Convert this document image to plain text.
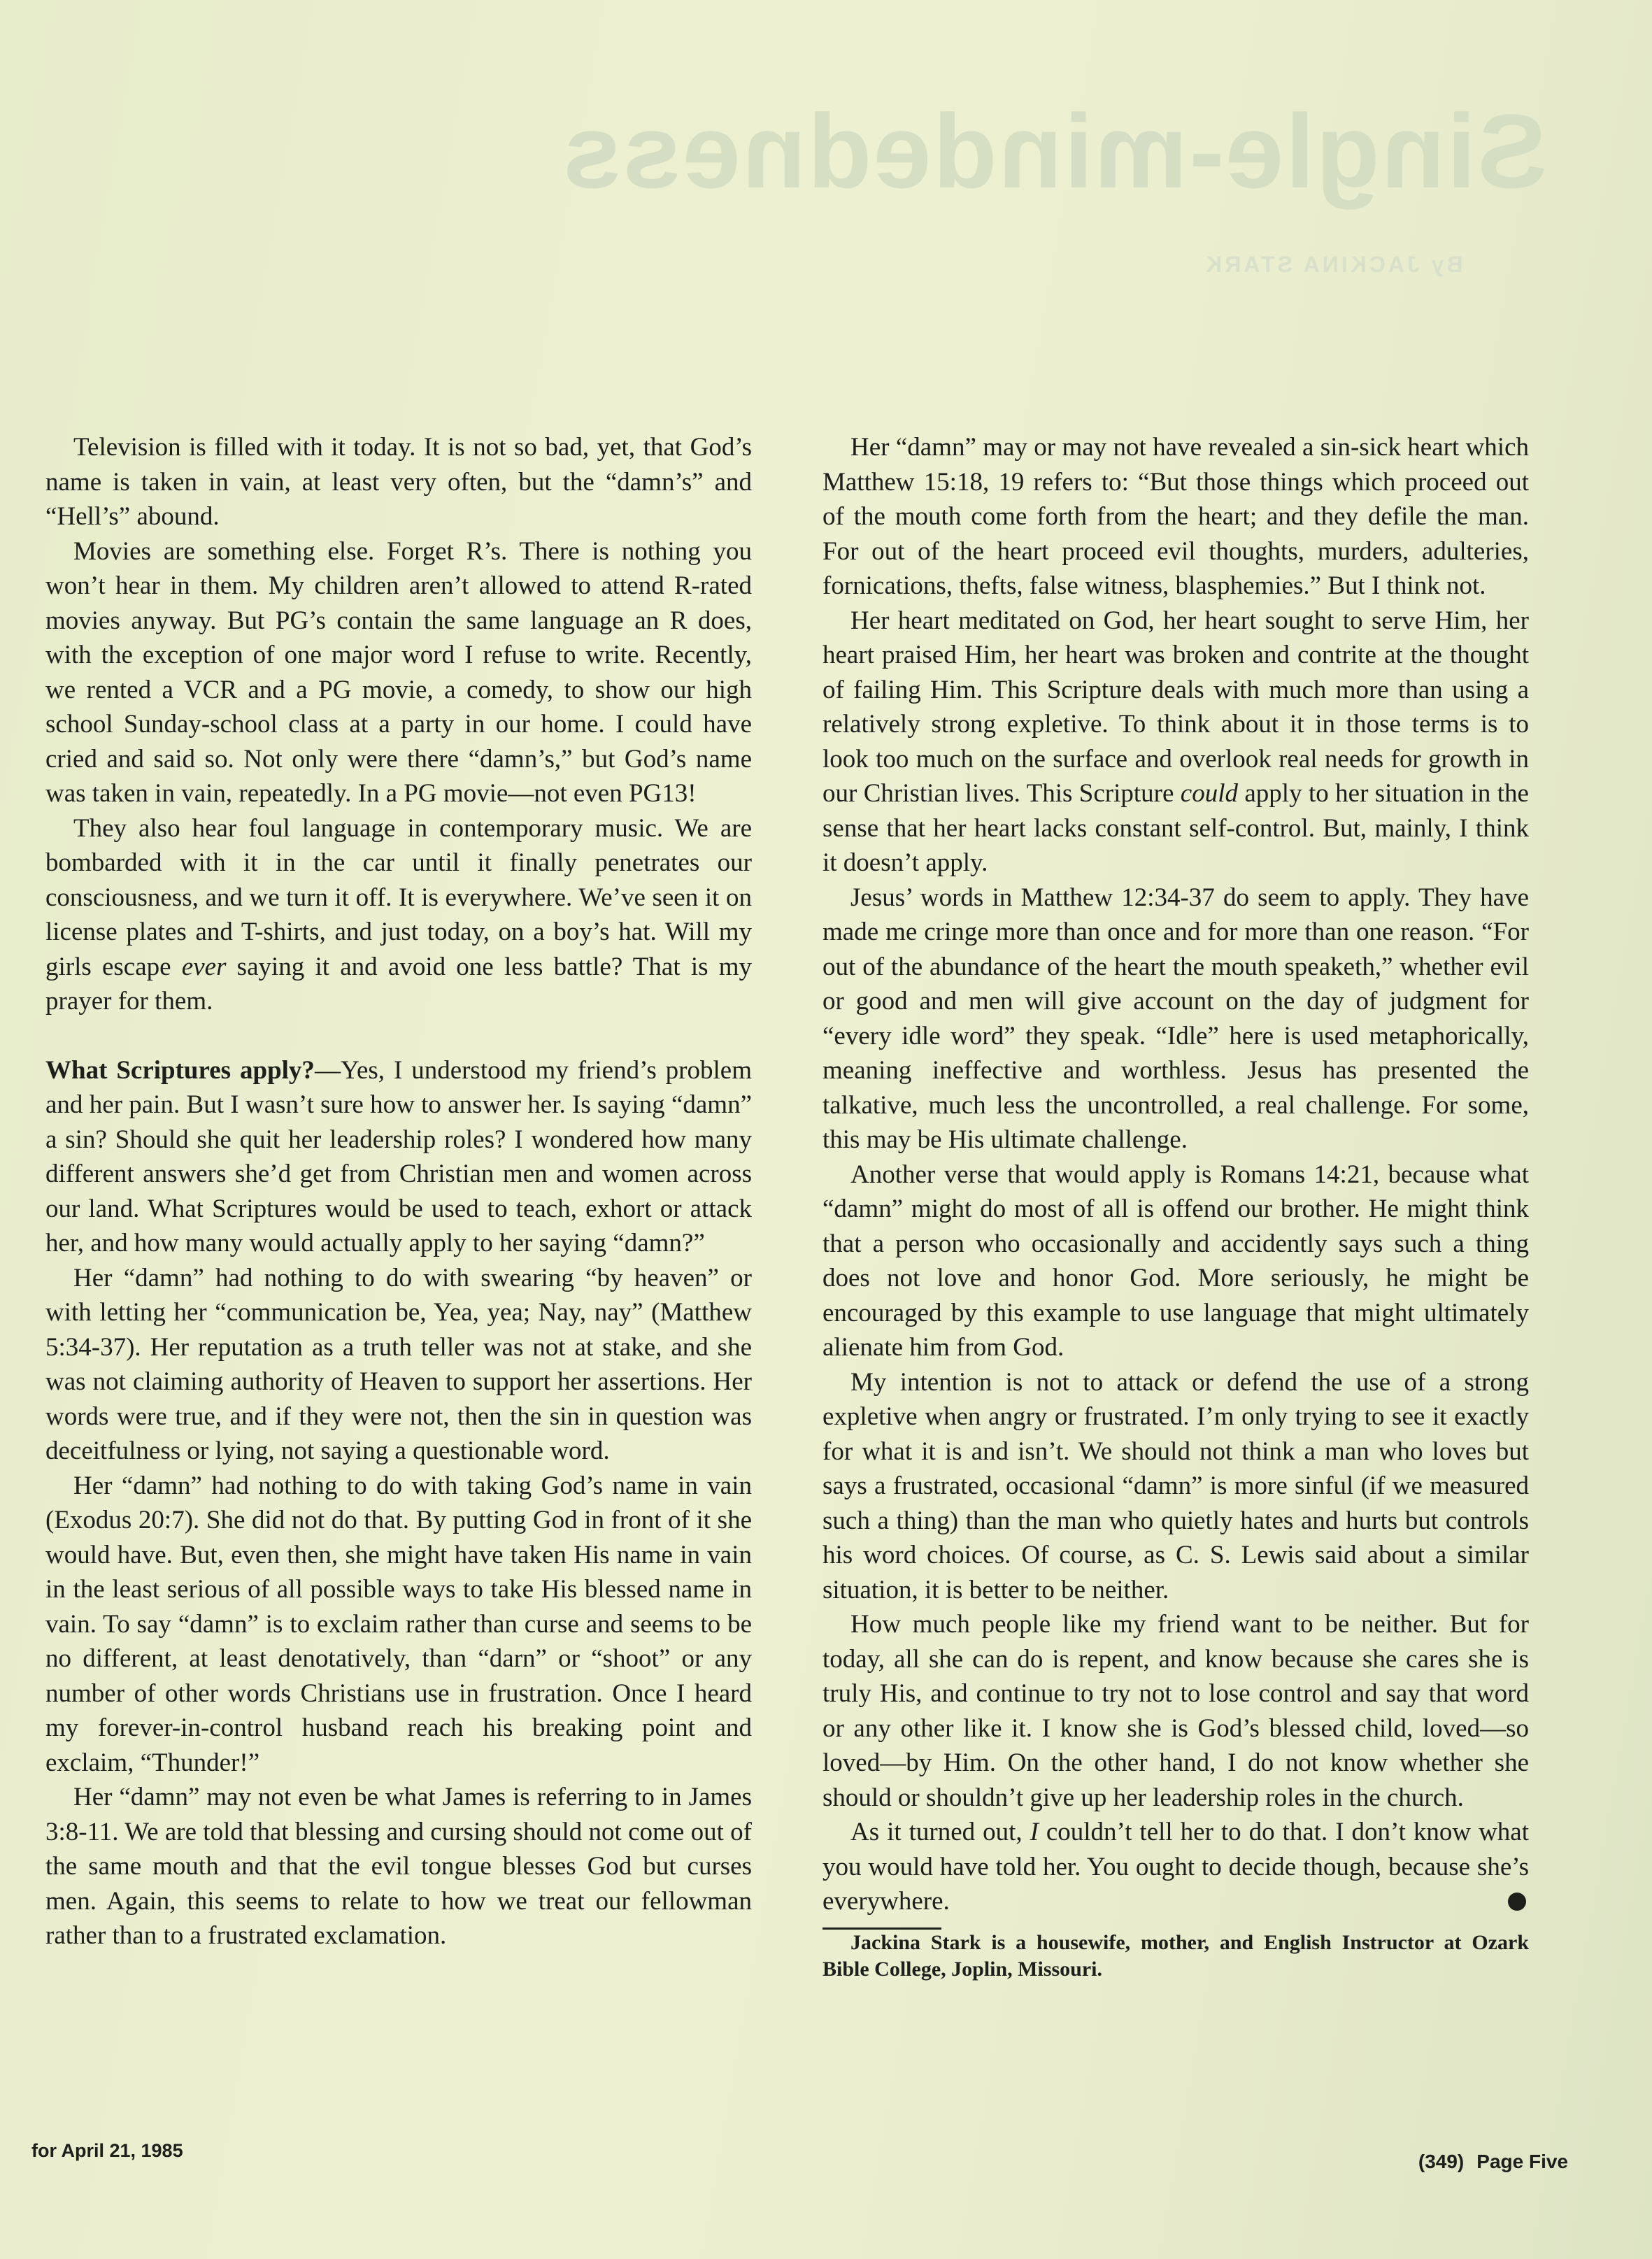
Single-mindedness

By JACKINA STARK

Television is filled with it today. It is not so bad, yet, that God’s name is taken in vain, at least very often, but the “damn’s” and “Hell’s” abound.

Movies are something else. Forget R’s. There is nothing you won’t hear in them. My children aren’t allowed to attend R-rated movies anyway. But PG’s contain the same language an R does, with the exception of one major word I refuse to write. Recently, we rented a VCR and a PG movie, a comedy, to show our high school Sunday-school class at a party in our home. I could have cried and said so. Not only were there “damn’s,” but God’s name was taken in vain, repeatedly. In a PG movie—not even PG13!

They also hear foul language in contemporary music. We are bombarded with it in the car until it finally penetrates our consciousness, and we turn it off. It is everywhere. We’ve seen it on license plates and T-shirts, and just today, on a boy’s hat. Will my girls escape ever saying it and avoid one less battle? That is my prayer for them.

What Scriptures apply?—Yes, I understood my friend’s problem and her pain. But I wasn’t sure how to answer her. Is saying “damn” a sin? Should she quit her leadership roles? I wondered how many different answers she’d get from Christian men and women across our land. What Scriptures would be used to teach, exhort or attack her, and how many would actually apply to her saying “damn?”

Her “damn” had nothing to do with swearing “by heaven” or with letting her “communication be, Yea, yea; Nay, nay” (Matthew 5:34-37). Her reputation as a truth teller was not at stake, and she was not claiming authority of Heaven to support her assertions. Her words were true, and if they were not, then the sin in question was deceitfulness or lying, not saying a questionable word.

Her “damn” had nothing to do with taking God’s name in vain (Exodus 20:7). She did not do that. By putting God in front of it she would have. But, even then, she might have taken His name in vain in the least serious of all possible ways to take His blessed name in vain. To say “damn” is to exclaim rather than curse and seems to be no different, at least denotatively, than “darn” or “shoot” or any number of other words Christians use in frustration. Once I heard my forever-in-control husband reach his breaking point and exclaim, “Thunder!”

Her “damn” may not even be what James is referring to in James 3:8-11. We are told that blessing and cursing should not come out of the same mouth and that the evil tongue blesses God but curses men. Again, this seems to relate to how we treat our fellowman rather than to a frustrated exclamation.

Her “damn” may or may not have revealed a sin-sick heart which Matthew 15:18, 19 refers to: “But those things which proceed out of the mouth come forth from the heart; and they defile the man. For out of the heart proceed evil thoughts, murders, adulteries, fornications, thefts, false witness, blasphemies.” But I think not.

Her heart meditated on God, her heart sought to serve Him, her heart praised Him, her heart was broken and contrite at the thought of failing Him. This Scripture deals with much more than using a relatively strong expletive. To think about it in those terms is to look too much on the surface and overlook real needs for growth in our Christian lives. This Scripture could apply to her situation in the sense that her heart lacks constant self-control. But, mainly, I think it doesn’t apply.

Jesus’ words in Matthew 12:34-37 do seem to apply. They have made me cringe more than once and for more than one reason. “For out of the abundance of the heart the mouth speaketh,” whether evil or good and men will give account on the day of judgment for “every idle word” they speak. “Idle” here is used metaphorically, meaning ineffective and worthless. Jesus has presented the talkative, much less the uncontrolled, a real challenge. For some, this may be His ultimate challenge.

Another verse that would apply is Romans 14:21, because what “damn” might do most of all is offend our brother. He might think that a person who occasionally and accidently says such a thing does not love and honor God. More seriously, he might be encouraged by this example to use language that might ultimately alienate him from God.

My intention is not to attack or defend the use of a strong expletive when angry or frustrated. I’m only trying to see it exactly for what it is and isn’t. We should not think a man who loves but says a frustrated, occasional “damn” is more sinful (if we measured such a thing) than the man who quietly hates and hurts but controls his word choices. Of course, as C. S. Lewis said about a similar situation, it is better to be neither.

How much people like my friend want to be neither. But for today, all she can do is repent, and know because she cares she is truly His, and continue to try not to lose control and say that word or any other like it. I know she is God’s blessed child, loved—so loved—by Him. On the other hand, I do not know whether she should or shouldn’t give up her leadership roles in the church.

As it turned out, I couldn’t tell her to do that. I don’t know what you would have told her. You ought to decide though, because she’s everywhere.

Jackina Stark is a housewife, mother, and English Instructor at Ozark Bible College, Joplin, Missouri.

for April 21, 1985	(349) Page Five
